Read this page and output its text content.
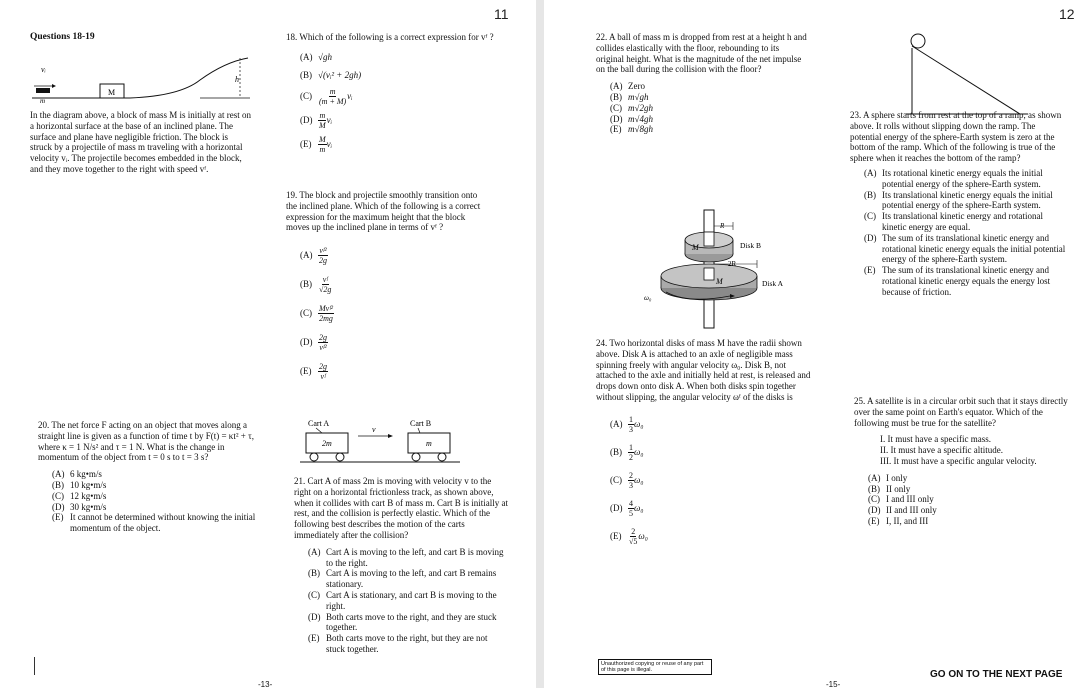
11

Questions 18-19

vᵢ
M
m
h

In the diagram above, a block of mass M is initially at rest on a horizontal surface at the base of an inclined plane. The surface and plane have negligible friction. The block is struck by a projectile of mass m traveling with a horizontal velocity vᵢ. The projectile becomes embedded in the block, and they move together to the right with speed vᶠ.

18. Which of the following is a correct expression for vᶠ ?

(A) √gh
(B) √(vᵢ² + 2gh)
$(C) \frac{m}{(m + M)}$ vᵢ
$(D) \frac{m}{M}$ vᵢ
$(E) \frac{M}{m}$ vᵢ

19. The block and projectile smoothly transition onto the inclined plane. Which of the following is a correct expression for the maximum height that the block moves up the inclined plane in terms of vᶠ ?

$(A) \frac{\text{vᶠ²}}{2g}$
$(B) \frac{\text{vᶠ}}{√2g}$
$(C) \frac{\text{Mvᶠ²}}{2mg}$
$(D) \frac{2g}{\text{vᶠ²}}$
$(E) \frac{2g}{\text{vᶠ}}$

20. The net force F acting on an object that moves along a straight line is given as a function of time t by F(t) = κt² + τ, where κ = 1 N/s² and τ = 1 N. What is the change in momentum of the object from t = 0 s to t = 3 s?

(A) 6 kg•m/s
(B) 10 kg•m/s
(C) 12 kg•m/s
(D) 30 kg•m/s
(E) It cannot be determined without knowing the initial momentum of the object.
Cart A	Cart B
2m	m
v

21. Cart A of mass 2m is moving with velocity v to the right on a horizontal frictionless track, as shown above, when it collides with cart B of mass m. Cart B is initially at rest, and the collision is perfectly elastic. Which of the following best describes the motion of the carts immediately after the collision?

(A) Cart A is moving to the left, and cart B is moving to the right.
(B) Cart A is moving to the left, and cart B remains stationary.
(C) Cart A is stationary, and cart B is moving to the right.
(D) Both carts move to the right, and they are stuck together.
(E) Both carts move to the right, but they are not stuck together.
-13-
12

22. A ball of mass m is dropped from rest at a height h and collides elastically with the floor, rebounding to its original height. What is the magnitude of the net impulse on the ball during the collision with the floor?

(A) Zero
(B) m√gh
(C) m√2gh
(D) m√4gh
(E) m√8gh

23. A sphere starts from rest at the top of a ramp, as shown above. It rolls without slipping down the ramp. The potential energy of the sphere-Earth system is zero at the bottom of the ramp. Which of the following is true of the sphere when it reaches the bottom of the ramp?

(A) Its rotational kinetic energy equals the initial potential energy of the sphere-Earth system.
(B) Its translational kinetic energy equals the initial potential energy of the sphere-Earth system.
(C) Its translational kinetic energy and rotational kinetic energy are equal.
(D) The sum of its translational kinetic energy and rotational kinetic energy equals the initial potential energy of the sphere-Earth system.
(E) The sum of its translational kinetic energy and rotational kinetic energy equals the energy lost because of friction.
R
2R
M
M
Disk B
Disk A
ω₀

24. Two horizontal disks of mass M have the radii shown above. Disk A is attached to an axle of negligible mass spinning freely with angular velocity ω₀. Disk B, not attached to the axle and initially held at rest, is released and drops down onto disk A. When both disks spin together without slipping, the angular velocity ωᶠ of the disks is

$(A) \frac{1}{3} \omega_0$
$(B) \frac{1}{2} \omega_0$
$(C) \frac{2}{3} \omega_0$
$(D) \frac{4}{5} \omega_0$
$(E) \frac{2}{√5} \omega_0$

25. A satellite is in a circular orbit such that it stays directly over the same point on Earth's equator. Which of the following must be true for the satellite?

I. It must have a specific mass.

II. It must have a specific altitude.

III. It must have a specific angular velocity.

(A) I only
(B) II only
(C) I and III only
(D) II and III only
(E) I, II, and III
Unauthorized copying or reuse of any part of this page is illegal.	GO ON TO THE NEXT PAGE
-15-
